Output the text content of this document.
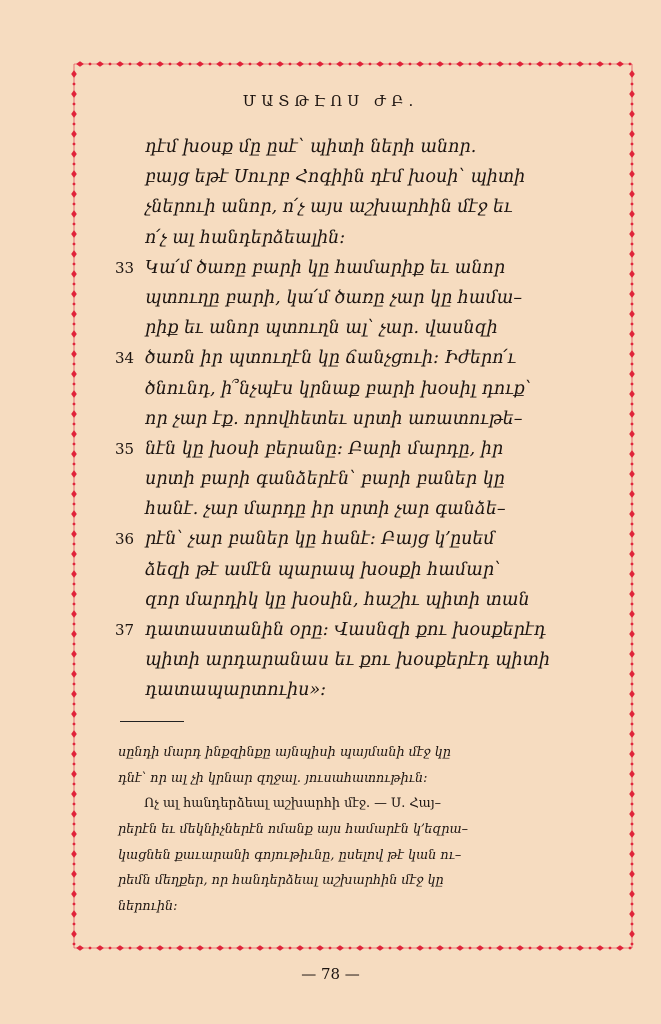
ՄԱՏԹԷՈՍ ԺԲ.
դէմ խօսք մը ըսէ՝ պիտի ների անոր.
բայց եթէ Սուրբ Հոգիին դէմ խօսի՝ պիտի
չներուի անոր, ո՛չ այս աշխարհին մէջ եւ
ո՛չ ալ հանդերձեալին։
33 Կա՛մ ծառը բարի կը համարիք եւ անոր
պտուղը բարի, կա՛մ ծառը չար կը համա–
րիք եւ անոր պտուղն ալ՝ չար. վասնզի
34 ծառն իր պտուղէն կը ճանչցուի։ Իժերո՛ւ
ծնունդ, ի՞նչպէս կրնաք բարի խօսիլ դուք՝
որ չար էք. որովհետեւ սրտի առատութե–
35 նէն կը խօսի բերանը։ Բարի մարդը, իր
սրտի բարի գանձերէն՝ բարի բաներ կը
հանէ. չար մարդը իր սրտի չար գանձե–
36 րէն՝ չար բաներ կը հանէ։ Բայց կ՚ըսեմ
ձեզի թէ ամէն պարապ խօսքի համար՝
զոր մարդիկ կը խօսին, հաշիւ պիտի տան
37 դատաստանին օրը։ Վասնզի քու խօսքերէդ
պիտի արդարանաս եւ քու խօսքերէդ պիտի
դատապարտուիս»։
սընդի մարդ ինքզինքը այնպիսի պայմանի մէջ կը
դնէ՝ որ ալ չի կրնար զղջալ. յուսահատութիւն։
Ոչ ալ հանդերձեալ աշխարհի մէջ. — Ս. Հայ–
րերէն եւ մեկնիչներէն ոմանք այս համարէն կ՚եզրա–
կացնեն քաւարանի գոյութիւնը, ըսելով թէ կան ու–
րեմն մեղքեր, որ հանդերձեալ աշխարհին մէջ կը
ներուին։
— 78 —
